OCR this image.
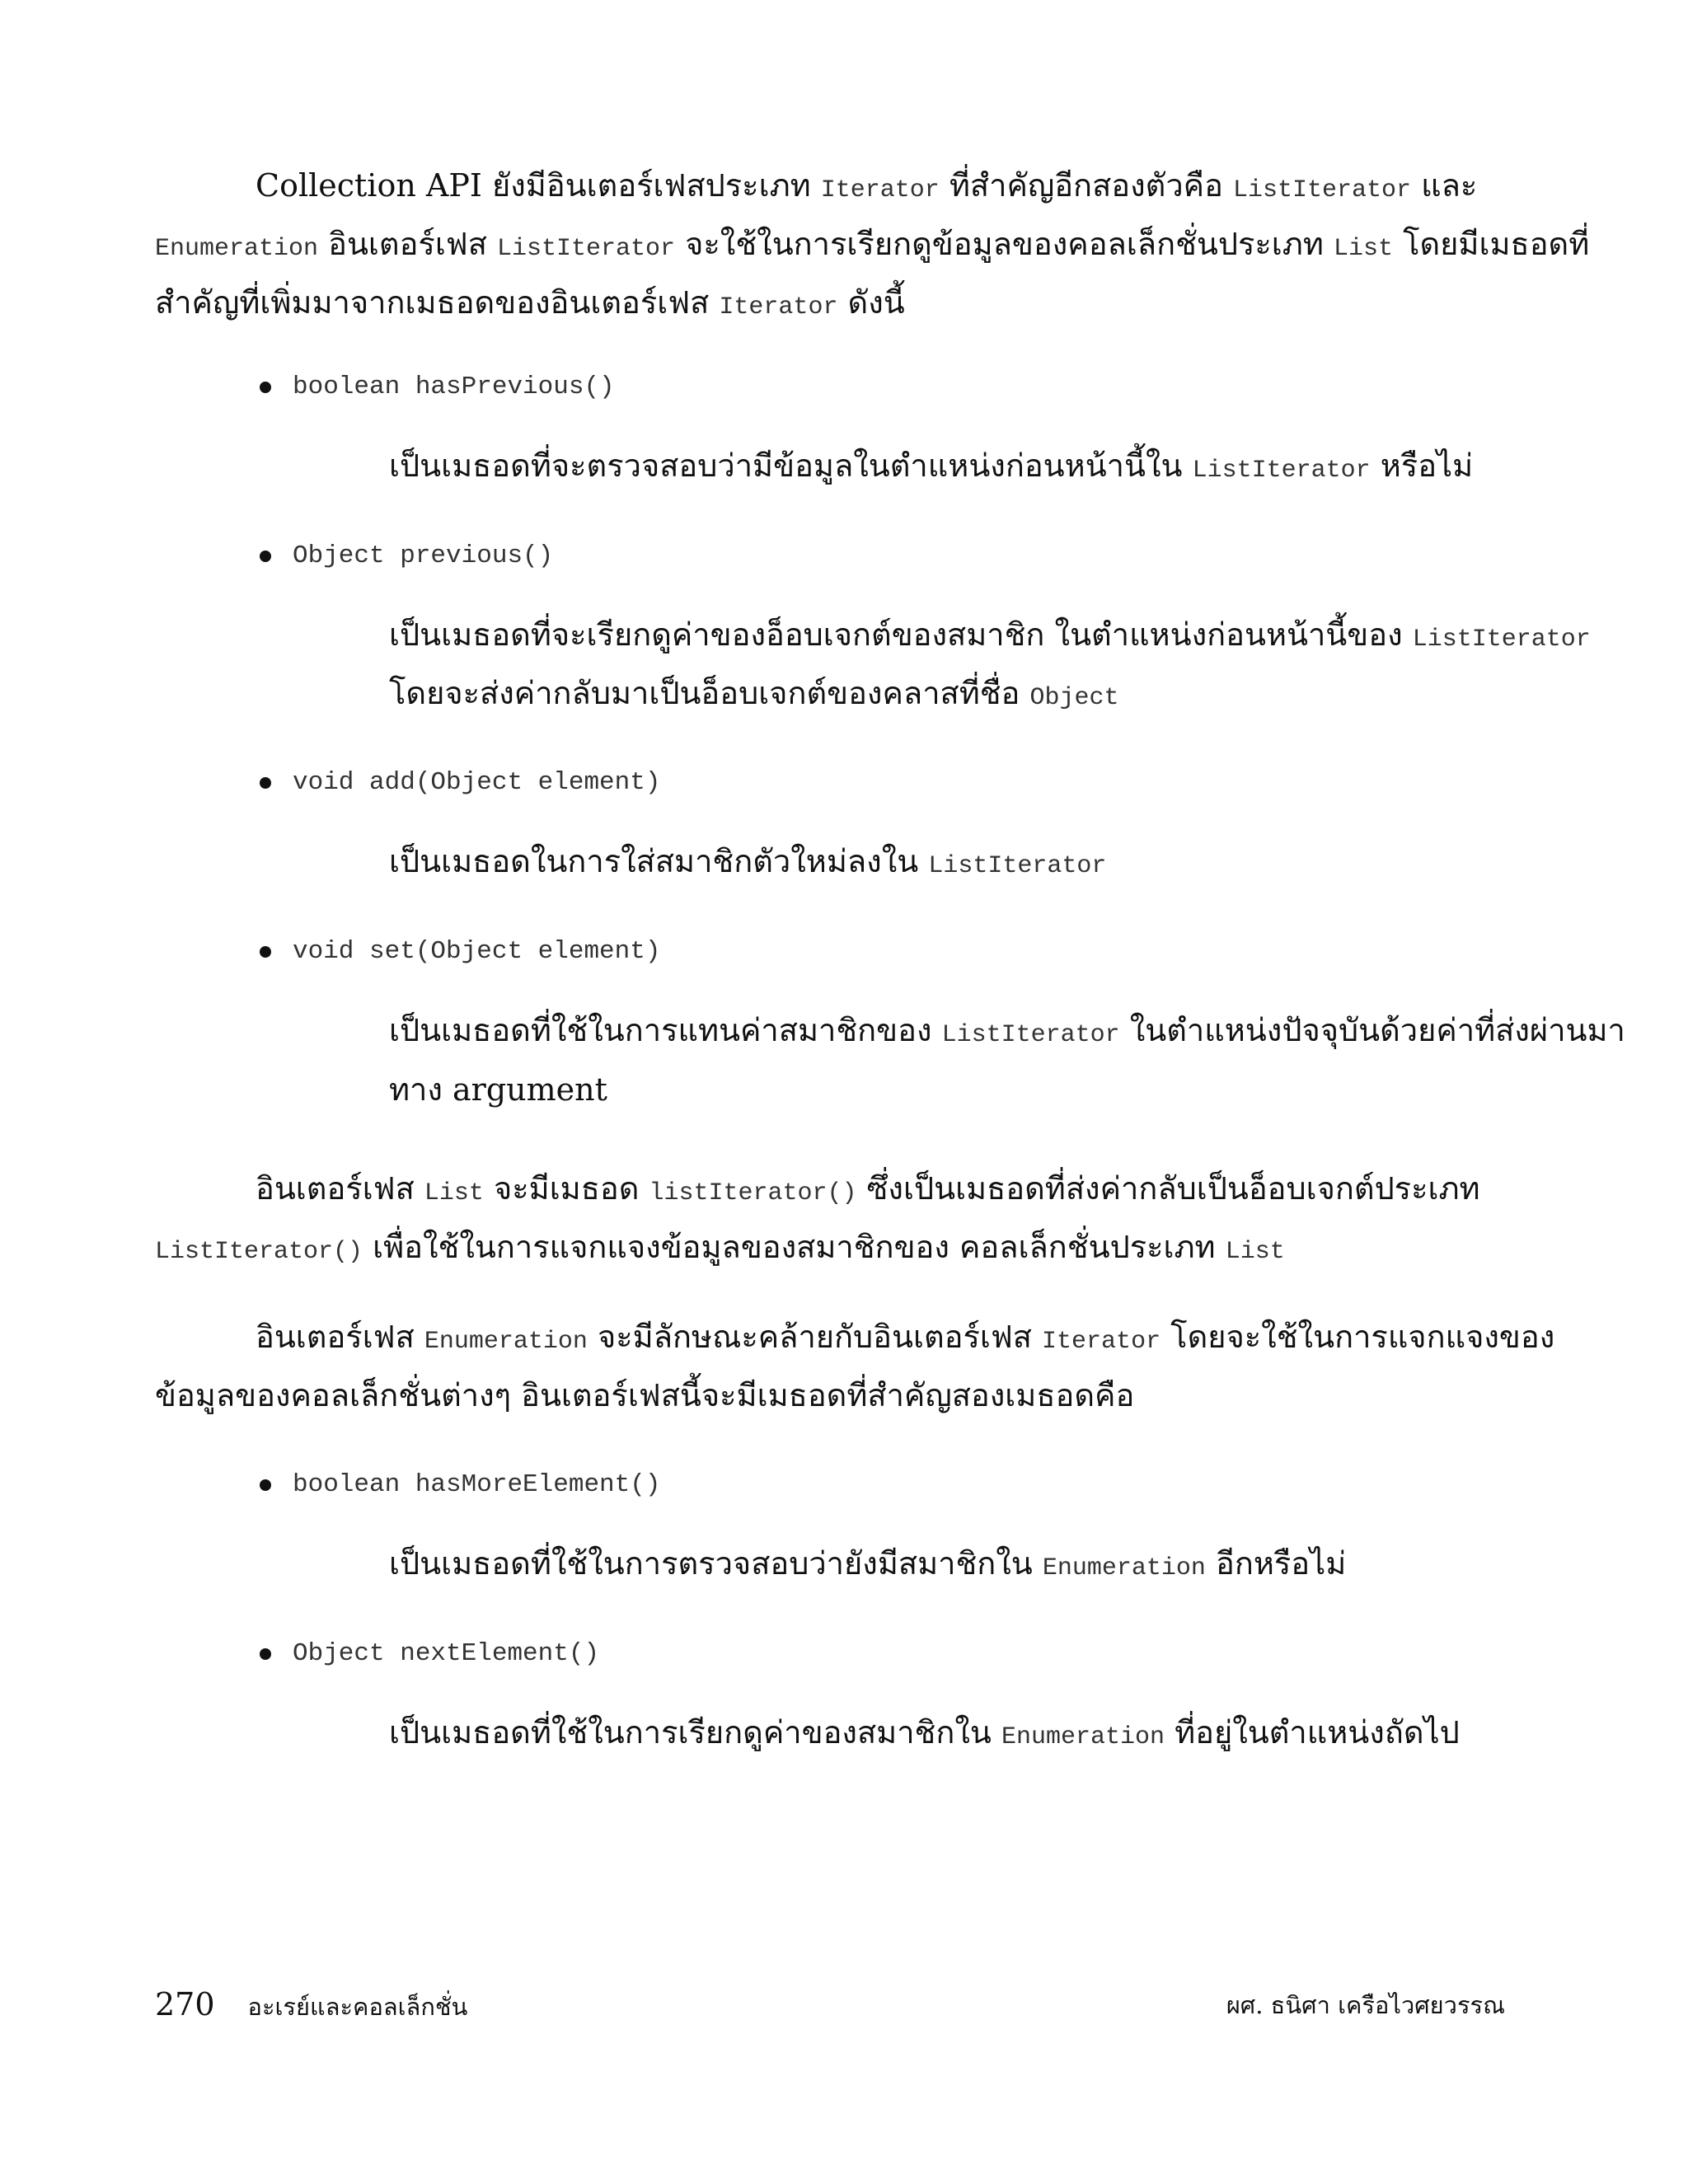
Collection API ยังมีอินเตอร์เฟสประเภท Iterator ที่สำคัญอีกสองตัวคือ ListIterator และ
Enumeration อินเตอร์เฟส ListIterator จะใช้ในการเรียกดูข้อมูลของคอลเล็กชั่นประเภท List โดยมีเมธอดที่
สำคัญที่เพิ่มมาจากเมธอดของอินเตอร์เฟส Iterator ดังนี้
boolean hasPrevious()
เป็นเมธอดที่จะตรวจสอบว่ามีข้อมูลในตำแหน่งก่อนหน้านี้ใน ListIterator หรือไม่
Object previous()
เป็นเมธอดที่จะเรียกดูค่าของอ็อบเจกต์ของสมาชิก ในตำแหน่งก่อนหน้านี้ของ ListIterator
โดยจะส่งค่ากลับมาเป็นอ็อบเจกต์ของคลาสที่ชื่อ Object
void add(Object element)
เป็นเมธอดในการใส่สมาชิกตัวใหม่ลงใน ListIterator
void set(Object element)
เป็นเมธอดที่ใช้ในการแทนค่าสมาชิกของ ListIterator ในตำแหน่งปัจจุบันด้วยค่าที่ส่งผ่านมา
ทาง argument
อินเตอร์เฟส List จะมีเมธอด listIterator() ซึ่งเป็นเมธอดที่ส่งค่ากลับเป็นอ็อบเจกต์ประเภท
ListIterator() เพื่อใช้ในการแจกแจงข้อมูลของสมาชิกของ คอลเล็กชั่นประเภท List
อินเตอร์เฟส Enumeration จะมีลักษณะคล้ายกับอินเตอร์เฟส Iterator โดยจะใช้ในการแจกแจงของ
ข้อมูลของคอลเล็กชั่นต่างๆ อินเตอร์เฟสนี้จะมีเมธอดที่สำคัญสองเมธอดคือ
boolean hasMoreElement()
เป็นเมธอดที่ใช้ในการตรวจสอบว่ายังมีสมาชิกใน Enumeration อีกหรือไม่
Object nextElement()
เป็นเมธอดที่ใช้ในการเรียกดูค่าของสมาชิกใน Enumeration ที่อยู่ในตำแหน่งถัดไป
270 อะเรย์และคอลเล็กชั่น	ผศ. ธนิศา เครือไวศยวรรณ
